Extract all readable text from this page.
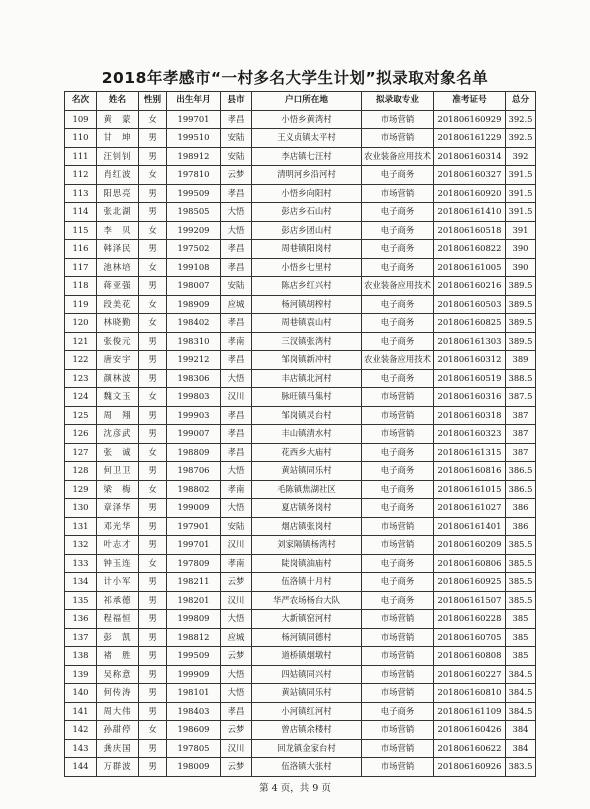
2018年孝感市“一村多名大学生计划”拟录取对象名单
名次	姓名	性别	出生年月	县市	户口所在地	拟录取专业	准考证号	总分
109	黄　蒙	女	199701	孝昌	小悟乡黄湾村	市场营销	201806160929	392.5
110	甘　坤	男	199510	安陆	王义贞镇太平村	市场营销	201806161229	392.5
111	汪钊钊	男	198912	安陆	李店镇七汪村	农业装备应用技术	201806160314	392
112	肖红波	女	197810	云梦	清明河乡沿河村	电子商务	201806160327	391.5
113	阳思亮	男	199509	孝昌	小悟乡向阳村	市场营销	201806160920	391.5
114	张北湖	男	198505	大悟	彭店乡石山村	电子商务	201806161410	391.5
115	李　贝	女	199209	大悟	彭店乡团山村	电子商务	201806160518	391
116	韩泽民	男	197502	孝昌	周巷镇阳岗村	电子商务	201806160822	390
117	池林培	女	199108	孝昌	小悟乡七里村	电子商务	201806161005	390
118	蒋亚强	男	198007	安陆	陈店乡红兴村	农业装备应用技术	201806160216	389.5
119	段美花	女	198909	应城	杨河镇胡榨村	电子商务	201806160503	389.5
120	林晓勤	女	198402	孝昌	周巷镇袁山村	电子商务	201806160825	389.5
121	张俊元	男	198310	孝南	三汊镇张湾村	电子商务	201806161303	389.5
122	唐安宇	男	199212	孝昌	邹岗镇新冲村	农业装备应用技术	201806160312	389
123	颜林波	男	198306	大悟	丰店镇北河村	电子商务	201806160519	388.5
124	魏文玉	女	199803	汉川	脉旺镇马集村	市场营销	201806160316	387.5
125	周　翔	男	199903	孝昌	邹岗镇灵台村	市场营销	201806160318	387
126	沈彦武	男	199007	孝昌	丰山镇清水村	市场营销	201806160323	387
127	张　诚	女	198809	孝昌	花西乡大庙村	电子商务	201806161315	387
128	何卫卫	男	198706	大悟	黄站镇同乐村	电子商务	201806160816	386.5
129	梁　梅	女	198802	孝南	毛陈镇焦湖社区	电子商务	201806161015	386.5
130	章泽华	男	199009	大悟	夏店镇务岗村	电子商务	201806161027	386
131	邓光华	男	197901	安陆	烟店镇张岗村	市场营销	201806161401	386
132	叶志才	男	199701	汉川	刘家隔镇杨湾村	市场营销	201806160209	385.5
133	钟玉连	女	197809	孝南	陡岗镇油庙村	电子商务	201806160806	385.5
134	计小军	男	198211	云梦	伍洛镇十月村	电子商务	201806160925	385.5
135	祁承德	男	198201	汉川	华严农场杨台大队	电子商务	201806161507	385.5
136	程福恒	男	199809	大悟	大新镇窑河村	市场营销	201806160228	385
137	彭　凯	男	198812	应城	杨河镇同德村	市场营销	201806160705	385
138	褚　胜	男	199509	云梦	道桥镇烟墩村	市场营销	201806160808	385
139	吴称意	男	199909	大悟	四姑镇同兴村	市场营销	201806160227	384.5
140	何传涛	男	198101	大悟	黄站镇同乐村	市场营销	201806160810	384.5
141	周大伟	男	198403	孝昌	小河镇红河村	电子商务	201806161109	384.5
142	孙甜停	女	198609	云梦	曾店镇余楼村	市场营销	201806160426	384
143	龚庆国	男	197805	汉川	回龙镇金家台村	市场营销	201806160622	384
144	万群波	男	198009	云梦	伍洛镇大张村	市场营销	201806160926	383.5
第 4 页，共 9 页
